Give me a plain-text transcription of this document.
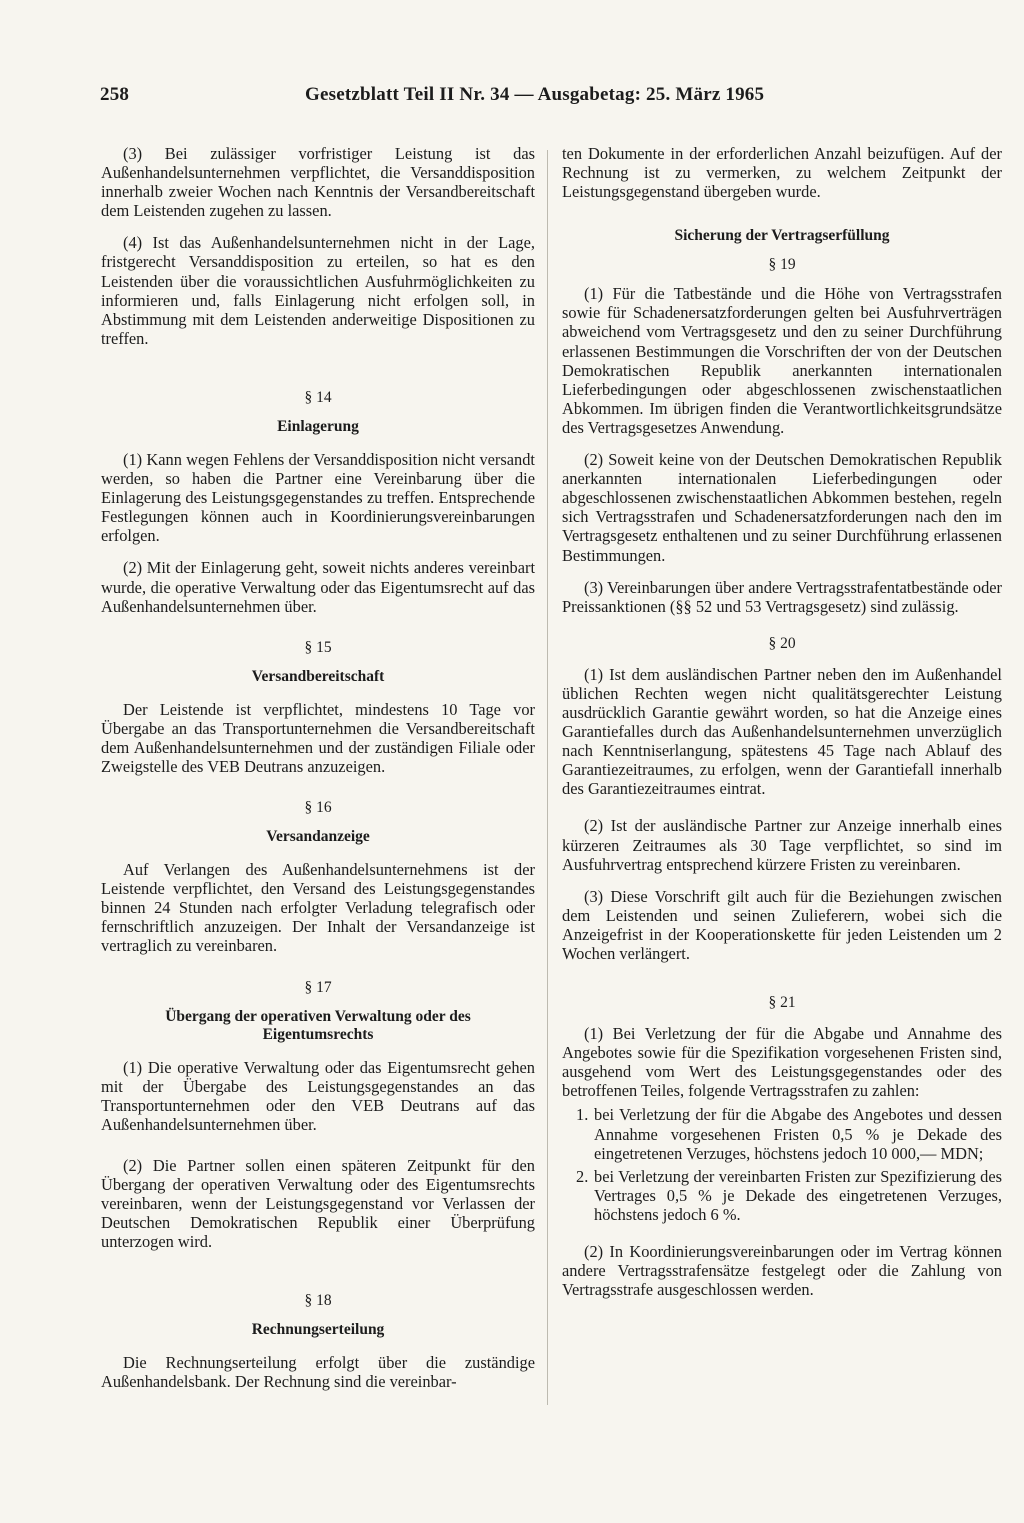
258	Gesetzblatt Teil II Nr. 34 — Ausgabetag: 25. März 1965

(3) Bei zulässiger vorfristiger Leistung ist das Außenhandelsunternehmen verpflichtet, die Versanddisposition innerhalb zweier Wochen nach Kenntnis der Versandbereitschaft dem Leistenden zugehen zu lassen.

(4) Ist das Außenhandelsunternehmen nicht in der Lage, fristgerecht Versanddisposition zu erteilen, so hat es den Leistenden über die voraussichtlichen Ausfuhrmöglichkeiten zu informieren und, falls Einlagerung nicht erfolgen soll, in Abstimmung mit dem Leistenden anderweitige Dispositionen zu treffen.

§ 14
Einlagerung

(1) Kann wegen Fehlens der Versanddisposition nicht versandt werden, so haben die Partner eine Vereinbarung über die Einlagerung des Leistungsgegenstandes zu treffen. Entsprechende Festlegungen können auch in Koordinierungsvereinbarungen erfolgen.

(2) Mit der Einlagerung geht, soweit nichts anderes vereinbart wurde, die operative Verwaltung oder das Eigentumsrecht auf das Außenhandelsunternehmen über.

§ 15
Versandbereitschaft

Der Leistende ist verpflichtet, mindestens 10 Tage vor Übergabe an das Transportunternehmen die Versandbereitschaft dem Außenhandelsunternehmen und der zuständigen Filiale oder Zweigstelle des VEB Deutrans anzuzeigen.

§ 16
Versandanzeige

Auf Verlangen des Außenhandelsunternehmens ist der Leistende verpflichtet, den Versand des Leistungsgegenstandes binnen 24 Stunden nach erfolgter Verladung telegrafisch oder fernschriftlich anzuzeigen. Der Inhalt der Versandanzeige ist vertraglich zu vereinbaren.

§ 17
Übergang der operativen Verwaltung oder des Eigentumsrechts

(1) Die operative Verwaltung oder das Eigentumsrecht gehen mit der Übergabe des Leistungsgegenstandes an das Transportunternehmen oder den VEB Deutrans auf das Außenhandelsunternehmen über.

(2) Die Partner sollen einen späteren Zeitpunkt für den Übergang der operativen Verwaltung oder des Eigentumsrechts vereinbaren, wenn der Leistungsgegenstand vor Verlassen der Deutschen Demokratischen Republik einer Überprüfung unterzogen wird.

§ 18
Rechnungserteilung

Die Rechnungserteilung erfolgt über die zuständige Außenhandelsbank. Der Rechnung sind die vereinbar-

ten Dokumente in der erforderlichen Anzahl beizufügen. Auf der Rechnung ist zu vermerken, zu welchem Zeitpunkt der Leistungsgegenstand übergeben wurde.

Sicherung der Vertragserfüllung
§ 19

(1) Für die Tatbestände und die Höhe von Vertragsstrafen sowie für Schadenersatzforderungen gelten bei Ausfuhrverträgen abweichend vom Vertragsgesetz und den zu seiner Durchführung erlassenen Bestimmungen die Vorschriften der von der Deutschen Demokratischen Republik anerkannten internationalen Lieferbedingungen oder abgeschlossenen zwischenstaatlichen Abkommen. Im übrigen finden die Verantwortlichkeitsgrundsätze des Vertragsgesetzes Anwendung.

(2) Soweit keine von der Deutschen Demokratischen Republik anerkannten internationalen Lieferbedingungen oder abgeschlossenen zwischenstaatlichen Abkommen bestehen, regeln sich Vertragsstrafen und Schadenersatzforderungen nach den im Vertragsgesetz enthaltenen und zu seiner Durchführung erlassenen Bestimmungen.

(3) Vereinbarungen über andere Vertragsstrafentatbestände oder Preissanktionen (§§ 52 und 53 Vertragsgesetz) sind zulässig.

§ 20

(1) Ist dem ausländischen Partner neben den im Außenhandel üblichen Rechten wegen nicht qualitätsgerechter Leistung ausdrücklich Garantie gewährt worden, so hat die Anzeige eines Garantiefalles durch das Außenhandelsunternehmen unverzüglich nach Kenntniserlangung, spätestens 45 Tage nach Ablauf des Garantiezeitraumes, zu erfolgen, wenn der Garantiefall innerhalb des Garantiezeitraumes eintrat.

(2) Ist der ausländische Partner zur Anzeige innerhalb eines kürzeren Zeitraumes als 30 Tage verpflichtet, so sind im Ausfuhrvertrag entsprechend kürzere Fristen zu vereinbaren.

(3) Diese Vorschrift gilt auch für die Beziehungen zwischen dem Leistenden und seinen Zulieferern, wobei sich die Anzeigefrist in der Kooperationskette für jeden Leistenden um 2 Wochen verlängert.

§ 21

(1) Bei Verletzung der für die Abgabe und Annahme des Angebotes sowie für die Spezifikation vorgesehenen Fristen sind, ausgehend vom Wert des Leistungsgegenstandes oder des betroffenen Teiles, folgende Vertragsstrafen zu zahlen:

1. bei Verletzung der für die Abgabe des Angebotes und dessen Annahme vorgesehenen Fristen 0,5 % je Dekade des eingetretenen Verzuges, höchstens jedoch 10 000,— MDN;
2. bei Verletzung der vereinbarten Fristen zur Spezifizierung des Vertrages 0,5 % je Dekade des eingetretenen Verzuges, höchstens jedoch 6 %.

(2) In Koordinierungsvereinbarungen oder im Vertrag können andere Vertragsstrafensätze festgelegt oder die Zahlung von Vertragsstrafe ausgeschlossen werden.
